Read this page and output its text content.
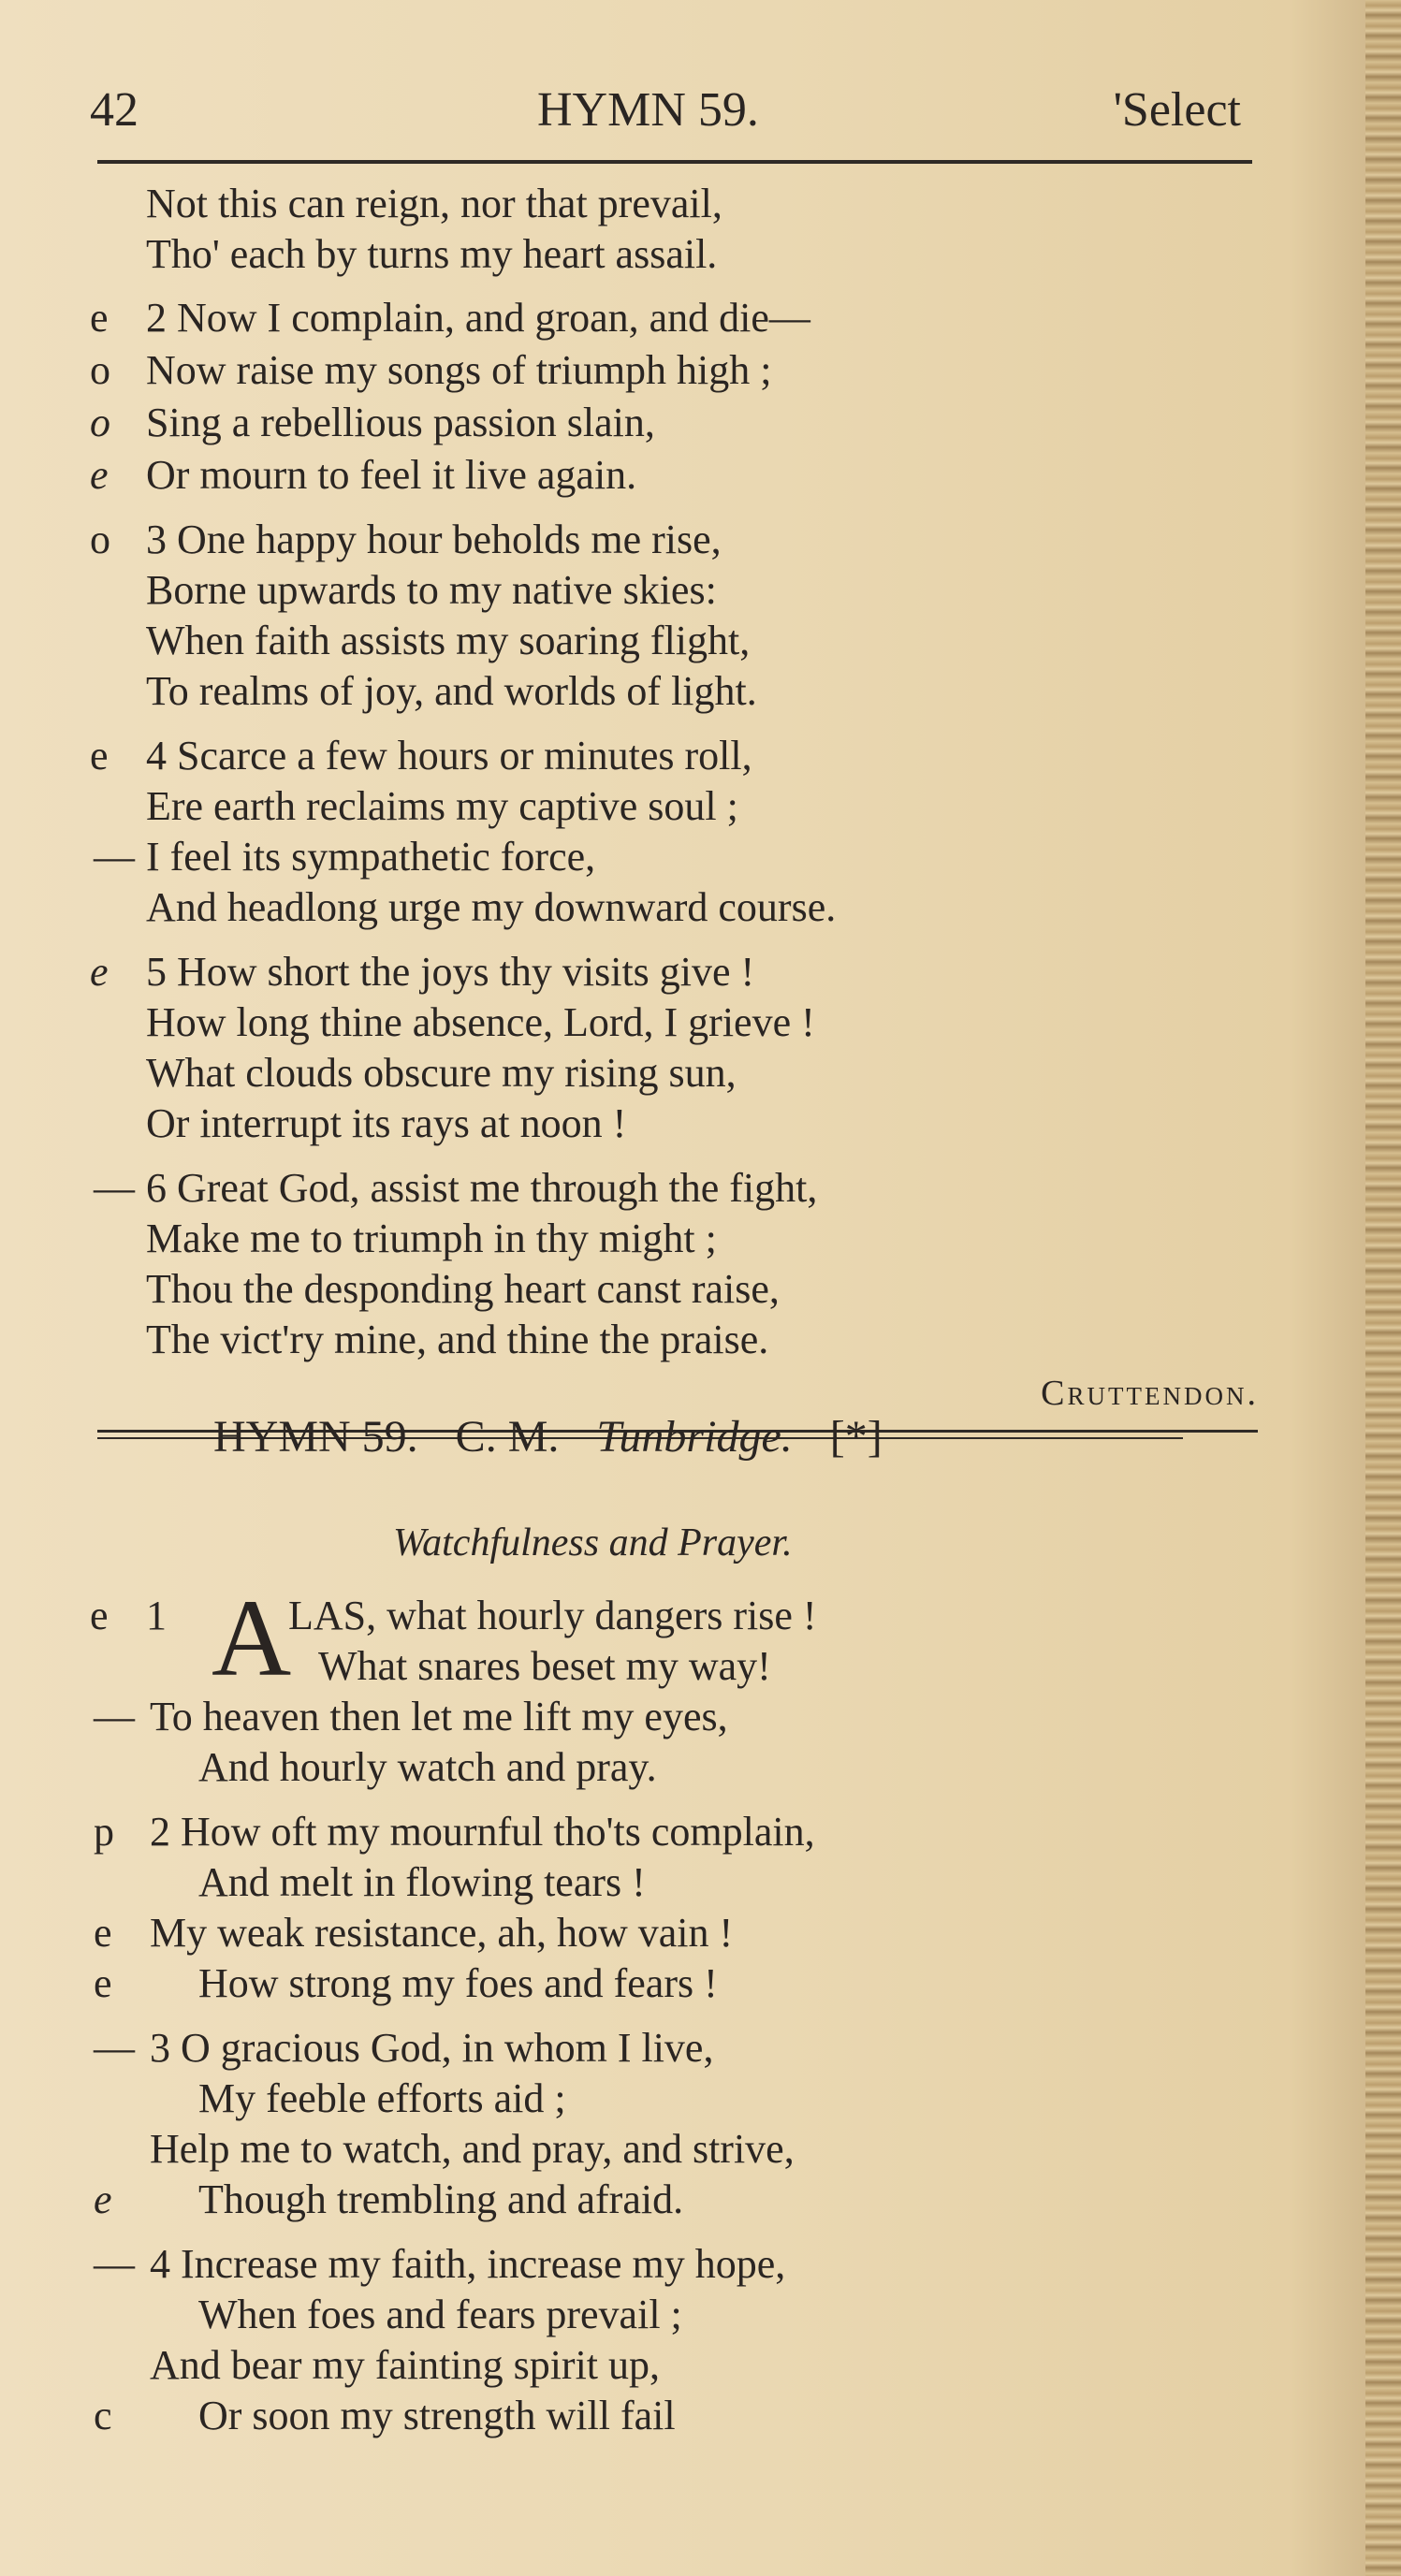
42	HYMN 59.	'Select
Not this can reign, nor that prevail,
Tho' each by turns my heart assail.
e 2 Now I complain, and groan, and die—
o Now raise my songs of triumph high ;
o Sing a rebellious passion slain,
e Or mourn to feel it live again.
o 3 One happy hour beholds me rise,
Borne upwards to my native skies:
When faith assists my soaring flight,
To realms of joy, and worlds of light.
e 4 Scarce a few hours or minutes roll,
Ere earth reclaims my captive soul ;
— I feel its sympathetic force,
And headlong urge my downward course.
e 5 How short the joys thy visits give !
How long thine absence, Lord, I grieve !
What clouds obscure my rising sun,
Or interrupt its rays at noon !
— 6 Great God, assist me through the fight,
Make me to triumph in thy might ;
Thou the desponding heart canst raise,
The vict'ry mine, and thine the praise.
Cruttendon.
HYMN 59. C. M. Tunbridge. [*]
Watchfulness and Prayer.
e 1 A
LAS, what hourly dangers rise !
What snares beset my way!
— To heaven then let me lift my eyes,
And hourly watch and pray.
p 2 How oft my mournful tho'ts complain,
And melt in flowing tears !
e My weak resistance, ah, how vain !
e How strong my foes and fears !
— 3 O gracious God, in whom I live,
My feeble efforts aid ;
Help me to watch, and pray, and strive,
e Though trembling and afraid.
— 4 Increase my faith, increase my hope,
When foes and fears prevail ;
And bear my fainting spirit up,
c Or soon my strength will fail
